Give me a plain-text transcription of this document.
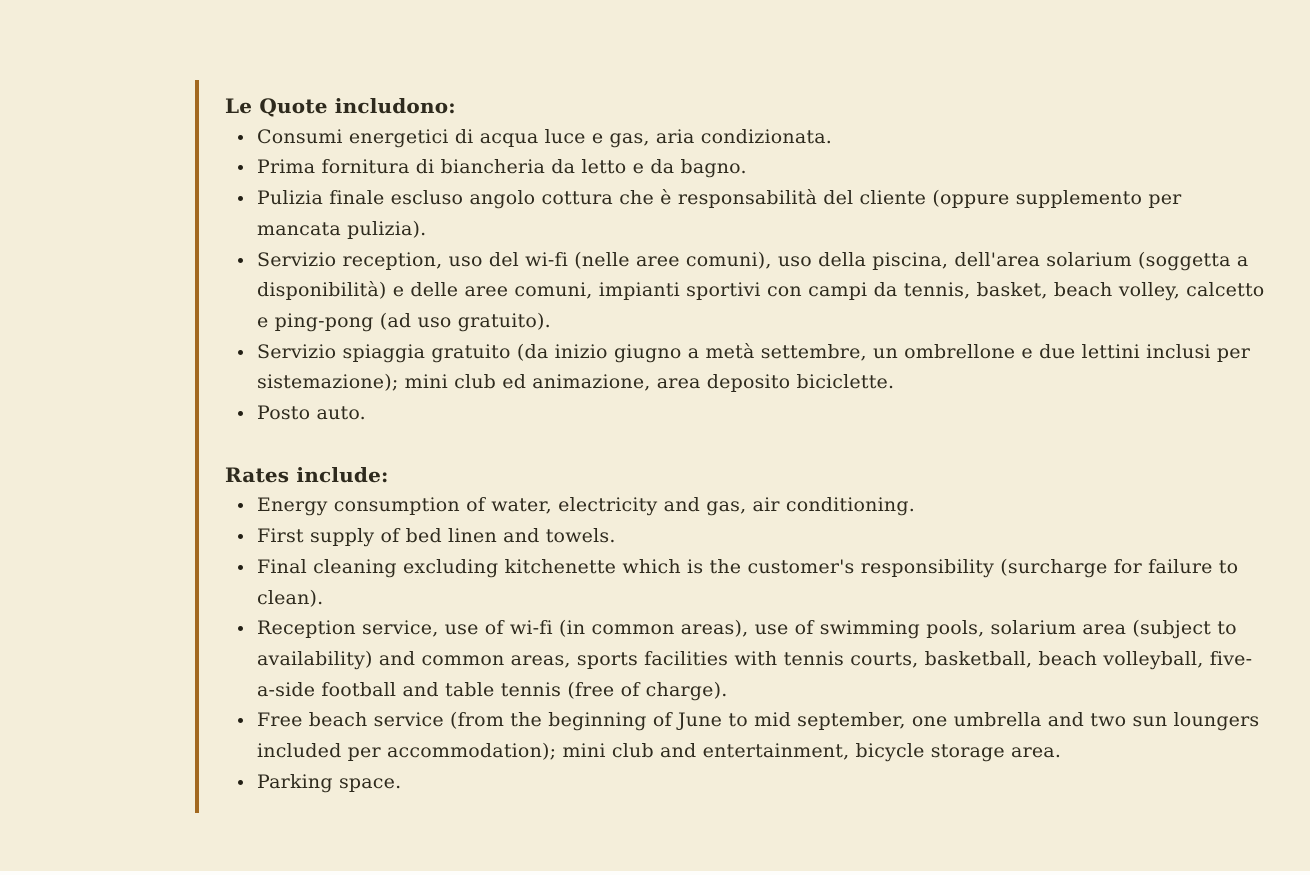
Le Quote includono:
Consumi energetici di acqua luce e gas, aria condizionata.
Prima fornitura di biancheria da letto e da bagno.
Pulizia finale escluso angolo cottura che è responsabilità del cliente (oppure supplemento per mancata pulizia).
Servizio reception, uso del wi-fi (nelle aree comuni), uso della piscina, dell'area solarium (soggetta a disponibilità) e delle aree comuni, impianti sportivi con campi da tennis, basket, beach volley, calcetto e ping-pong (ad uso gratuito).
Servizio spiaggia gratuito (da inizio giugno a metà settembre, un ombrellone e due lettini inclusi per sistemazione); mini club ed animazione, area deposito biciclette.
Posto auto.
Rates include:
Energy consumption of water, electricity and gas, air conditioning.
First supply of bed linen and towels.
Final cleaning excluding kitchenette which is the customer's responsibility (surcharge for failure to clean).
Reception service, use of wi-fi (in common areas), use of swimming pools, solarium area (subject to availability) and common areas, sports facilities with tennis courts, basketball, beach volleyball, five-a-side football and table tennis (free of charge).
Free beach service (from the beginning of June to mid september, one umbrella and two sun loungers included per accommodation); mini club and entertainment, bicycle storage area.
Parking space.
